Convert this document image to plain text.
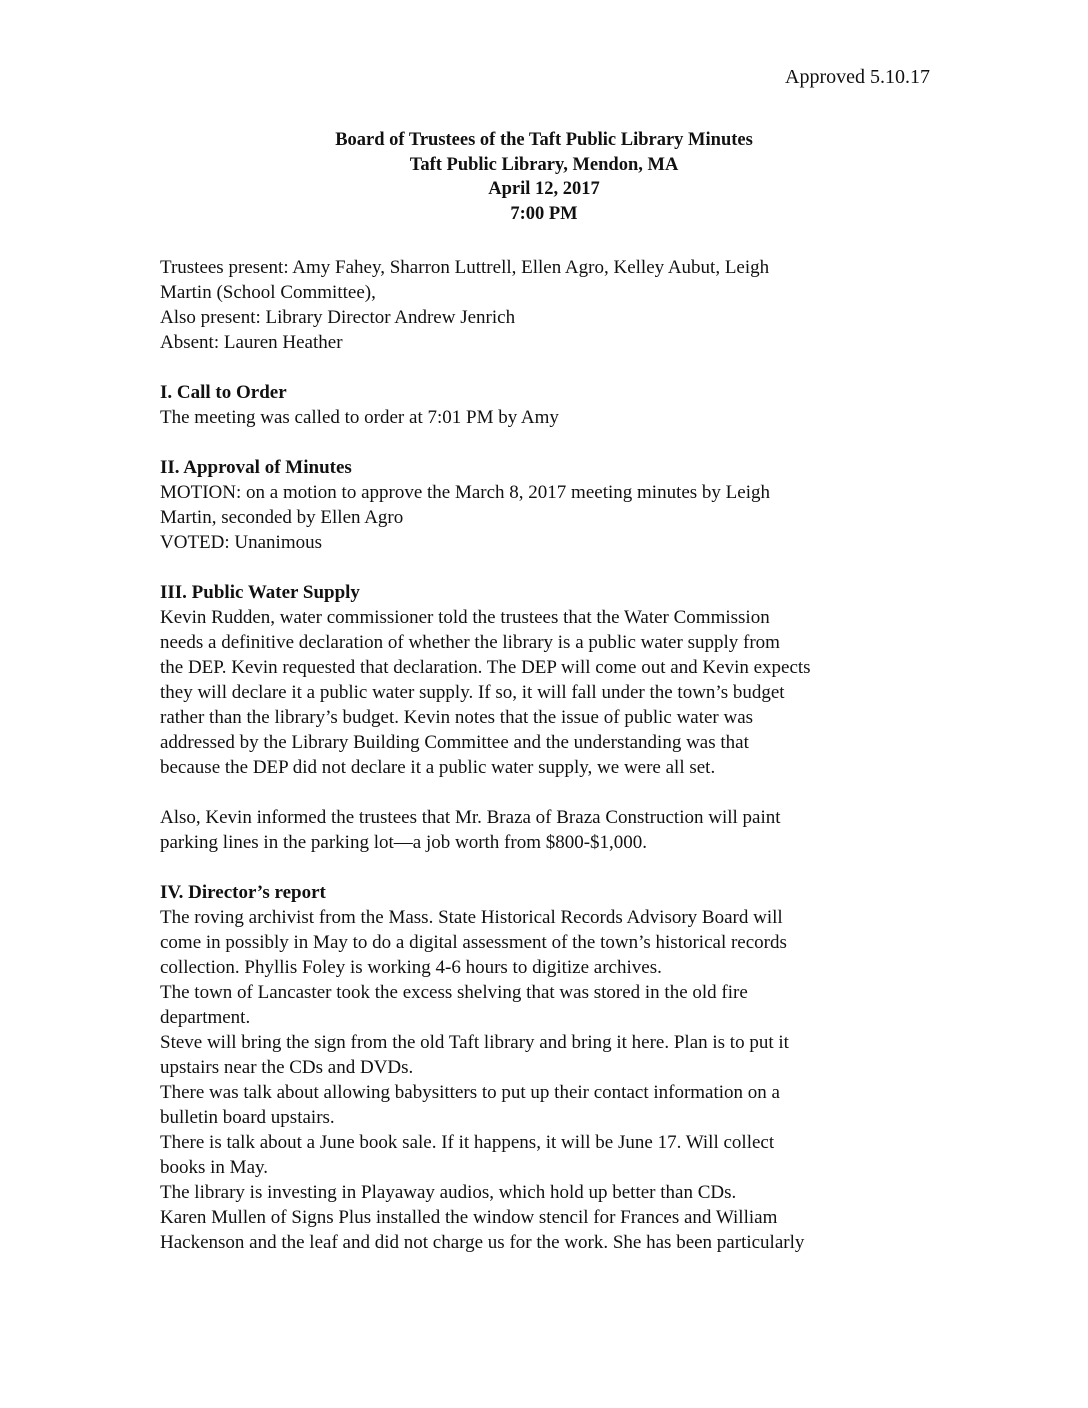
Approved 5.10.17
Board of Trustees of the Taft Public Library Minutes
Taft Public Library, Mendon, MA
April 12, 2017
7:00 PM
Trustees present: Amy Fahey, Sharron Luttrell, Ellen Agro, Kelley Aubut, Leigh
Martin (School Committee),
Also present: Library Director Andrew Jenrich
Absent: Lauren Heather
I. Call to Order
The meeting was called to order at 7:01 PM by Amy
II. Approval of Minutes
MOTION: on a motion to approve the March 8, 2017 meeting minutes by Leigh
Martin, seconded by Ellen Agro
VOTED: Unanimous
III. Public Water Supply
Kevin Rudden, water commissioner told the trustees that the Water Commission
needs a definitive declaration of whether the library is a public water supply from
the DEP. Kevin requested that declaration. The DEP will come out and Kevin expects
they will declare it a public water supply. If so, it will fall under the town’s budget
rather than the library’s budget. Kevin notes that the issue of public water was
addressed by the Library Building Committee and the understanding was that
because the DEP did not declare it a public water supply, we were all set.
Also, Kevin informed the trustees that Mr. Braza of Braza Construction will paint
parking lines in the parking lot—a job worth from $800-$1,000.
IV. Director’s report
The roving archivist from the Mass. State Historical Records Advisory Board will
come in possibly in May to do a digital assessment of the town’s historical records
collection. Phyllis Foley is working 4-6 hours to digitize archives.
The town of Lancaster took the excess shelving that was stored in the old fire
department.
Steve will bring the sign from the old Taft library and bring it here. Plan is to put it
upstairs near the CDs and DVDs.
There was talk about allowing babysitters to put up their contact information on a
bulletin board upstairs.
There is talk about a June book sale. If it happens, it will be June 17. Will collect
books in May.
The library is investing in Playaway audios, which hold up better than CDs.
Karen Mullen of Signs Plus installed the window stencil for Frances and William
Hackenson and the leaf and did not charge us for the work. She has been particularly
